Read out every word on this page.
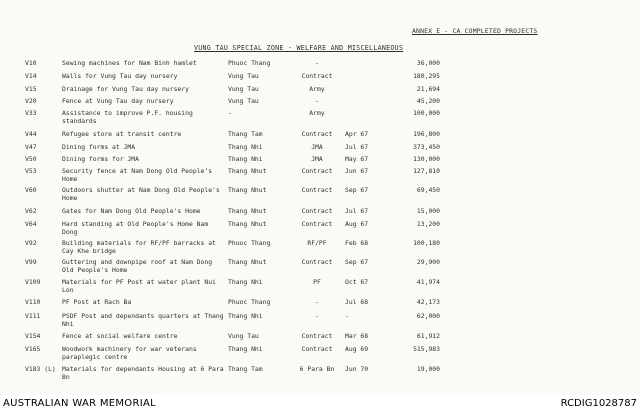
ANNEX E - CA COMPLETED PROJECTS
VUNG TAU SPECIAL ZONE - WELFARE AND MISCELLANEOUS
V10	Sewing machines for Nam Binh hamlet	Phuoc Thang	-	36,000
V14	Walls for Vung Tau day nursery	Vung Tau	Contract	180,295
V15	Drainage for Vung Tau day nursery	Vung Tau	Army	21,694
V20	Fence at Vung Tau day nursery	Vung Tau	-	45,200
V33	Assistance to improve P.F. housing standards
-	Army	100,000
V44	Refugee store at transit centre	Thang Tam	Contract	Apr 67	196,800
V47	Dining forms at JMA	Thang Nhi	JMA	Jul 67	373,450
V50	Dining forms for JMA	Thang Nhi	JMA	May 67	130,000
V53	Security fence at Nam Dong Old People's Home
Thang Nhut	Contract	Jun 67	127,810
V60	Outdoors shutter at Nam Dong Old People's Home
Thang Nhut	Contract	Sep 67	69,450
V62	Gates for Nam Dong Old People's Home	Thang Nhut	Contract	Jul 67	15,000
V64	Hard standing at Old People's Home Nam Dong
Thang Nhut	Contract	Aug 67	13,200
V92	Building materials for RF/PF barracks at Cay Khe bridge
Phuoc Thang	RF/PF	Feb 68	100,180
V99	Guttering and downpipe roof at Nam Dong Old People's Home
Thang Nhut	Contract	Sep 67	29,900
V109	Materials for PF Post at water plant Nui Lon
Thang Nhi	PF	Oct 67	41,974
V110	PF Post at Rach Ba	Phuoc Thang	-	Jul 68	42,173
V111	PSDF Post and dependants quarters at Thang Nhi
Thang Nhi	-	-	62,000
V154	Fence at social welfare centre	Vung Tau	Contract	Mar 68	61,912
V165	Woodwork machinery for war veterans paraplegic centre
Thang Nhi	Contract	Aug 69	515,983
V183 (L) Materials for dependants Housing at 6 Para Bn
Thang Tam	6 Para Bn	Jun 70	19,000
AUSTRALIAN WAR MEMORIAL	RCDIG1028787
